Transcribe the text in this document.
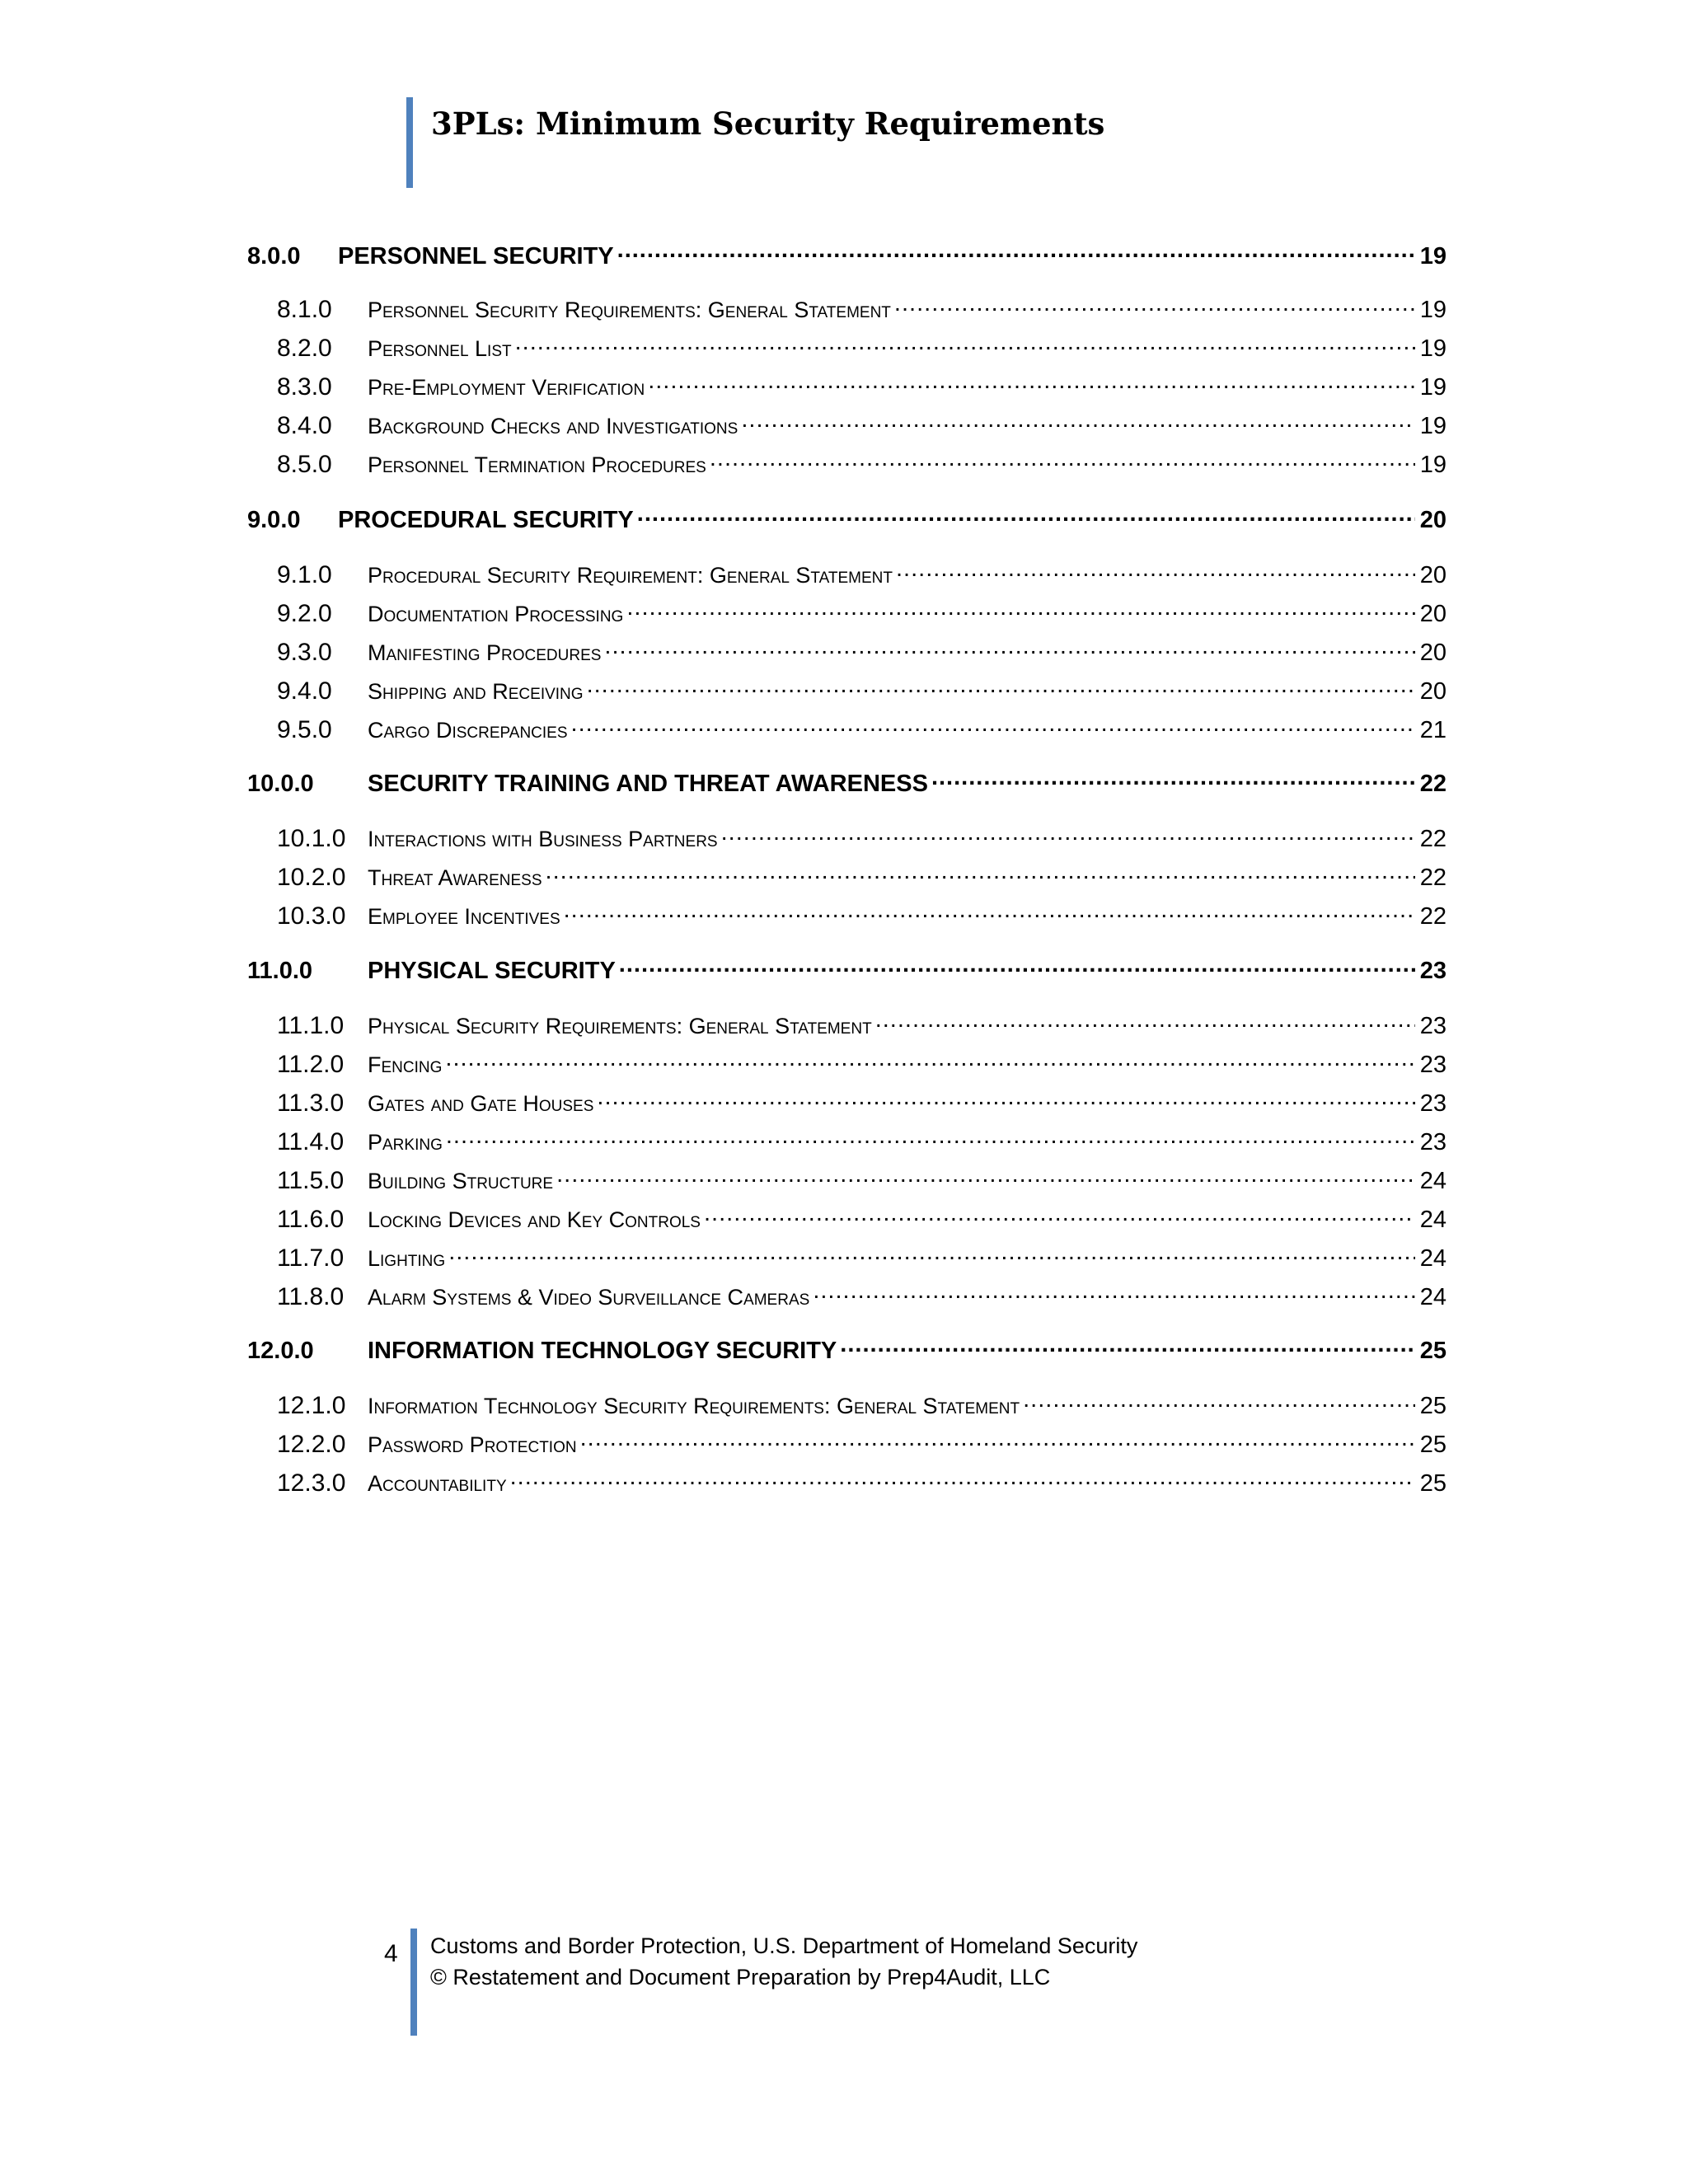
3PLs: Minimum Security Requirements
8.0.0	PERSONNEL SECURITY .....	19
8.1.0	Personnel Security Requirements: General Statement .....	19
8.2.0	Personnel List .....	19
8.3.0	Pre-Employment Verification .....	19
8.4.0	Background Checks and Investigations .....	19
8.5.0	Personnel Termination Procedures .....	19
9.0.0	PROCEDURAL SECURITY .....	20
9.1.0	Procedural Security Requirement: General Statement .....	20
9.2.0	Documentation Processing .....	20
9.3.0	Manifesting Procedures .....	20
9.4.0	Shipping and Receiving .....	20
9.5.0	Cargo Discrepancies .....	21
10.0.0	SECURITY TRAINING AND THREAT AWARENESS .....	22
10.1.0 Interactions with Business Partners .....	22
10.2.0 Threat Awareness .....	22
10.3.0 Employee Incentives .....	22
11.0.0	PHYSICAL SECURITY .....	23
11.1.0	Physical Security Requirements: General Statement .....	23
11.2.0	Fencing .....	23
11.3.0	Gates and Gate Houses .....	23
11.4.0	Parking .....	23
11.5.0	Building Structure .....	24
11.6.0	Locking Devices and Key Controls .....	24
11.7.0	Lighting .....	24
11.8.0	Alarm Systems & Video Surveillance Cameras .....	24
12.0.0	INFORMATION TECHNOLOGY SECURITY .....	25
12.1.0 Information Technology Security Requirements: General Statement .....	25
12.2.0 Password Protection .....	25
12.3.0 Accountability .....	25
4 Customs and Border Protection, U.S. Department of Homeland Security
© Restatement and Document Preparation by Prep4Audit, LLC
